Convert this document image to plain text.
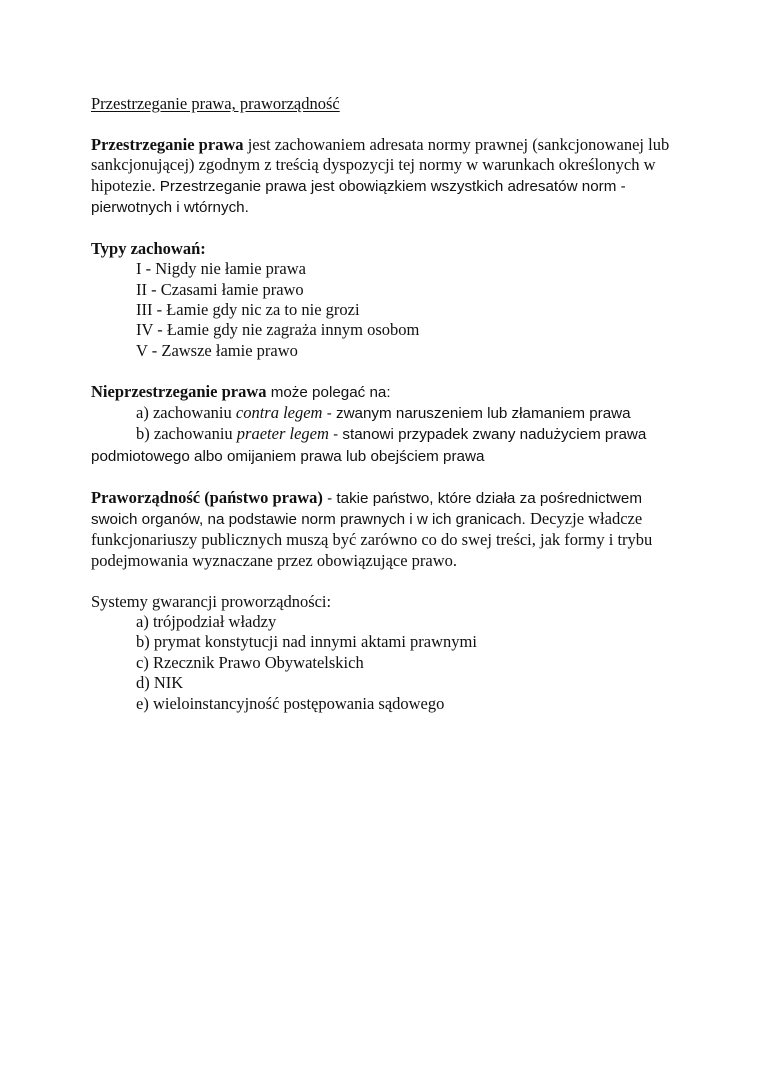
Przestrzeganie prawa, praworządność

Przestrzeganie prawa jest zachowaniem adresata normy prawnej (sankcjonowanej lub sankcjonującej) zgodnym z treścią dyspozycji tej normy w warunkach określonych w hipotezie. Przestrzeganie prawa jest obowiązkiem wszystkich adresatów norm - pierwotnych i wtórnych.

Typy zachowań:

I - Nigdy nie łamie prawa
II - Czasami łamie prawo
III - Łamie gdy nic za to nie grozi
IV - Łamie gdy nie zagraża innym osobom
V - Zawsze łamie prawo

Nieprzestrzeganie prawa może polegać na:

a) zachowaniu contra legem - zwanym naruszeniem lub złamaniem prawa

b) zachowaniu praeter legem - stanowi przypadek zwany nadużyciem prawa podmiotowego albo omijaniem prawa lub obejściem prawa

Praworządność (państwo prawa) - takie państwo, które działa za pośrednictwem swoich organów, na podstawie norm prawnych i w ich granicach. Decyzje władcze funkcjonariuszy publicznych muszą być zarówno co do swej treści, jak formy i trybu podejmowania wyznaczane przez obowiązujące prawo.

Systemy gwarancji proworządności:

a) trójpodział władzy
b) prymat konstytucji nad innymi aktami prawnymi
c) Rzecznik Prawo Obywatelskich
d) NIK
e) wieloinstancyjność postępowania sądowego
